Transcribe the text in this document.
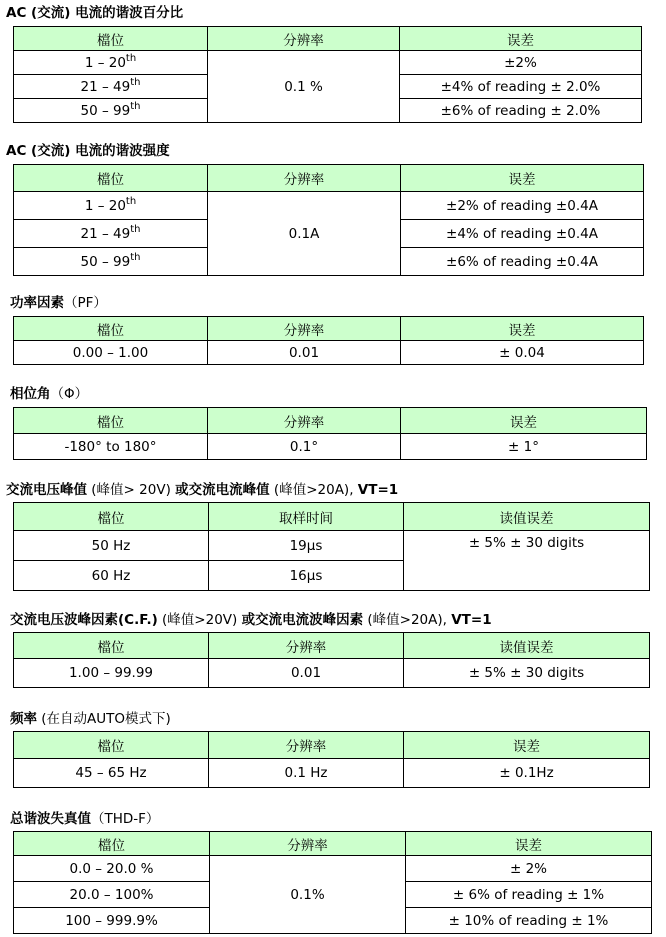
AC (交流) 电流的谐波百分比
檔位	分辨率	误差
1 – 20th	0.1 %	±2%
21 – 49th		±4% of reading ± 2.0%
50 – 99th		±6% of reading ± 2.0%
AC (交流) 电流的谐波强度
檔位	分辨率	误差
1 – 20th	0.1A	±2% of reading ±0.4A
21 – 49th		±4% of reading ±0.4A
50 – 99th		±6% of reading ±0.4A
功率因素（PF）
檔位	分辨率	误差
0.00 – 1.00	0.01	± 0.04
相位角（Φ）
檔位	分辨率	误差
-180° to 180°	0.1°	± 1°
交流电压峰值 (峰值> 20V) 或交流电流峰值 (峰值>20A), VT=1
檔位	取样时间	读值误差
50 Hz	19μs	± 5% ± 30 digits
60 Hz	16μs	
交流电压波峰因素(C.F.) (峰值>20V) 或交流电流波峰因素 (峰值>20A), VT=1
檔位	分辨率	读值误差
1.00 – 99.99	0.01	± 5% ± 30 digits
频率 (在自动AUTO模式下)
檔位	分辨率	误差
45 – 65 Hz	0.1 Hz	± 0.1Hz
总谐波失真值（THD-F）
檔位	分辨率	误差
0.0 – 20.0 %	0.1%	± 2%
20.0 – 100%		± 6% of reading ± 1%
100 – 999.9%		± 10% of reading ± 1%
